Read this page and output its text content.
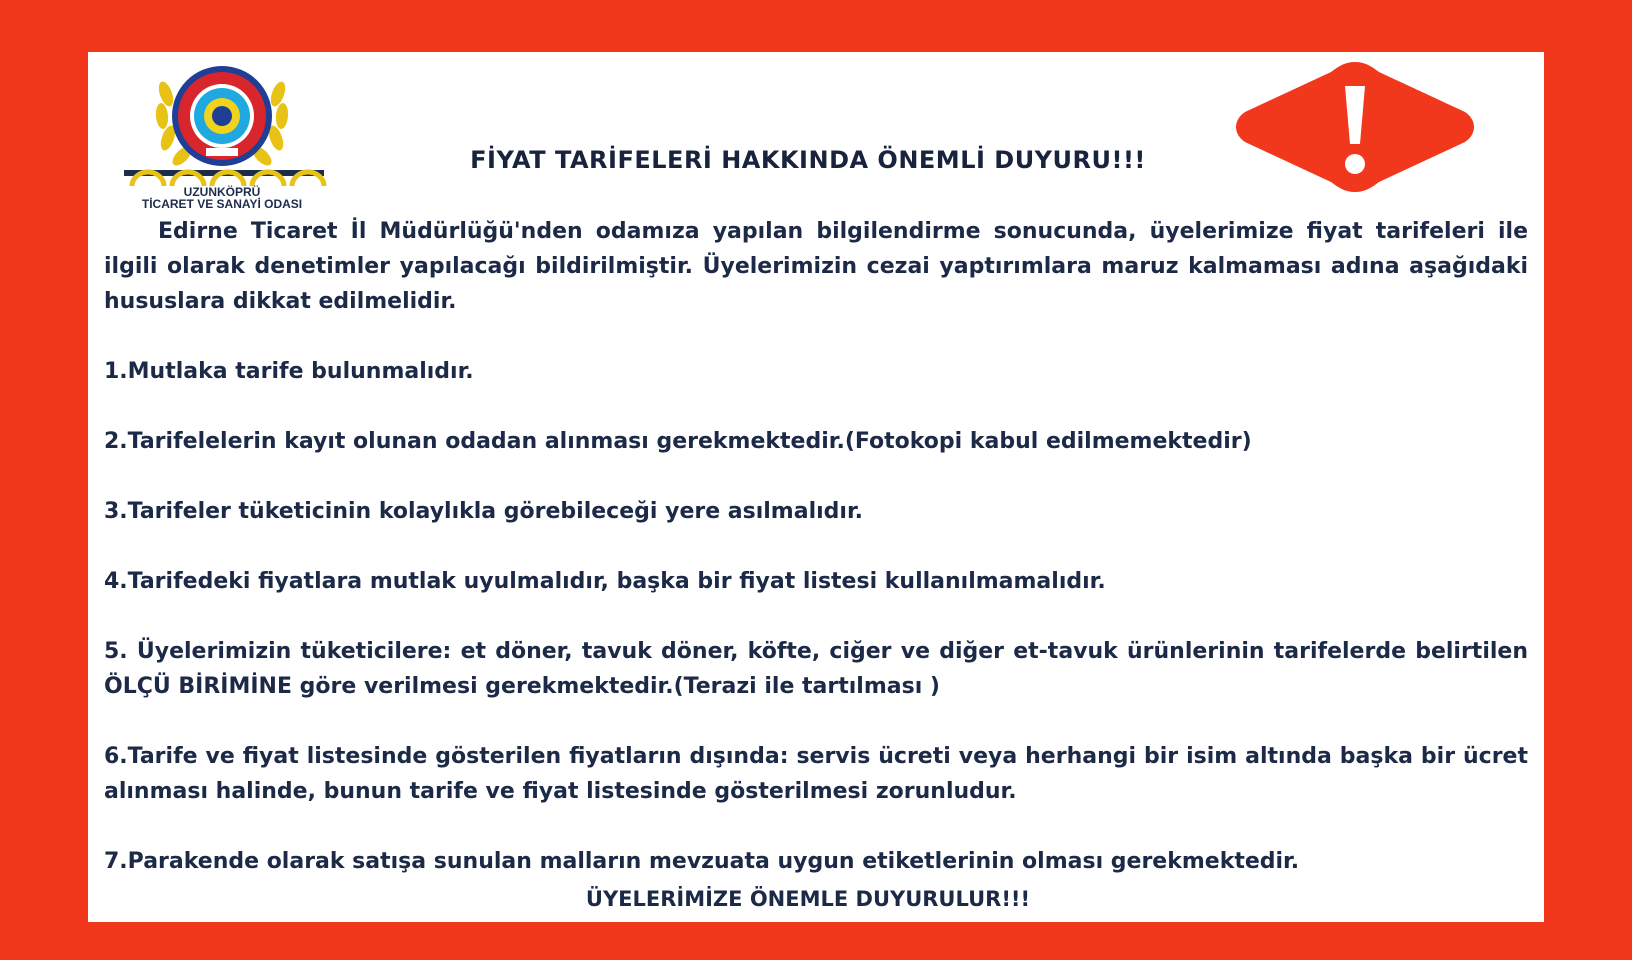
UZUNKÖPRÜ
TİCARET VE SANAYİ ODASI
FİYAT TARİFELERİ HAKKINDA ÖNEMLİ DUYURU!!!

Edirne Ticaret İl Müdürlüğü'nden odamıza yapılan bilgilendirme sonucunda, üyelerimize fiyat tarifeleri ile ilgili olarak denetimler yapılacağı bildirilmiştir. Üyelerimizin cezai yaptırımlara maruz kalmaması adına aşağıdaki hususlara dikkat edilmelidir.

1.Mutlaka tarife bulunmalıdır.

2.Tarifelelerin kayıt olunan odadan alınması gerekmektedir.(Fotokopi kabul edilmemektedir)

3.Tarifeler tüketicinin kolaylıkla görebileceği yere asılmalıdır.

4.Tarifedeki fiyatlara mutlak uyulmalıdır, başka bir fiyat listesi kullanılmamalıdır.

5. Üyelerimizin tüketicilere: et döner, tavuk döner, köfte, ciğer ve diğer et-tavuk ürünlerinin tarifelerde belirtilen ÖLÇÜ BİRİMİNE göre verilmesi gerekmektedir.(Terazi ile tartılması )

6.Tarife ve fiyat listesinde gösterilen fiyatların dışında: servis ücreti veya herhangi bir isim altında başka bir ücret alınması halinde, bunun tarife ve fiyat listesinde gösterilmesi zorunludur.

7.Parakende olarak satışa sunulan malların mevzuata uygun etiketlerinin olması gerekmektedir.

ÜYELERİMİZE ÖNEMLE DUYURULUR!!!
